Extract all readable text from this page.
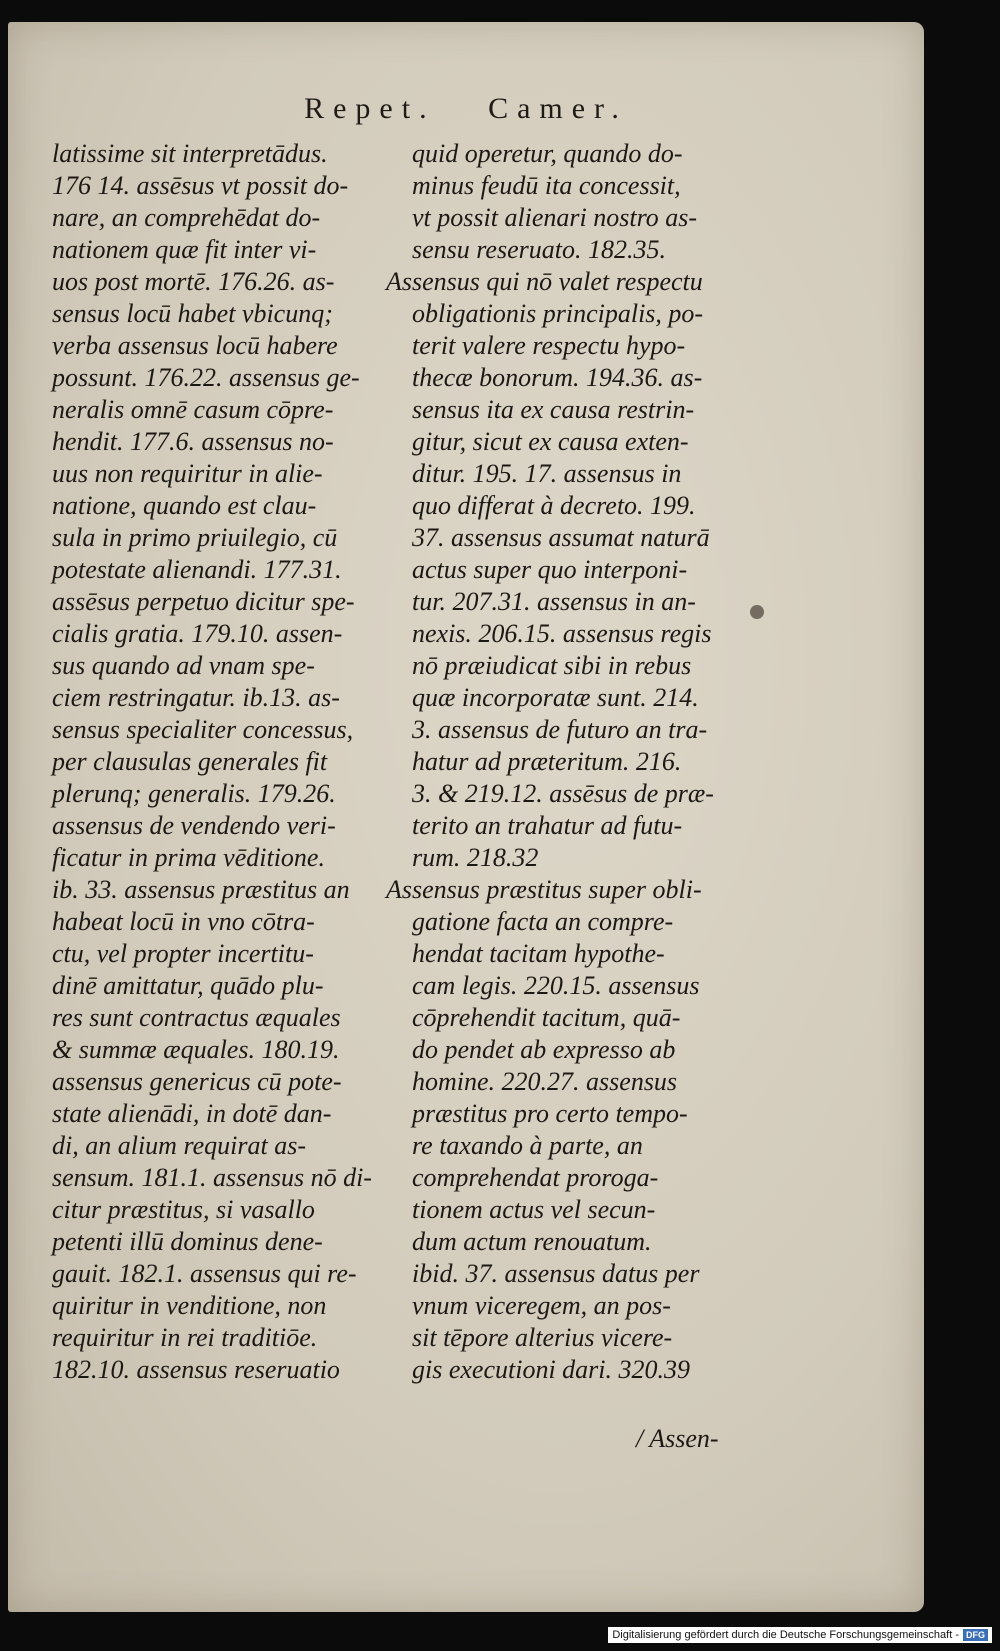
Repet. Camer.
latissime sit interpretādus.
176 14. assēsus vt possit do-
nare, an comprehēdat do-
nationem quæ fit inter vi-
uos post mortē. 176.26. as-
sensus locū habet vbicunq;
verba assensus locū habere
possunt. 176.22. assensus ge-
neralis omnē casum cōpre-
hendit. 177.6. assensus no-
uus non requiritur in alie-
natione, quando est clau-
sula in primo priuilegio, cū
potestate alienandi. 177.31.
assēsus perpetuo dicitur spe-
cialis gratia. 179.10. assen-
sus quando ad vnam spe-
ciem restringatur. ib.13. as-
sensus specialiter concessus,
per clausulas generales fit
plerunq; generalis. 179.26.
assensus de vendendo veri-
ficatur in prima vēditione.
ib. 33. assensus præstitus an
habeat locū in vno cōtra-
ctu, vel propter incertitu-
dinē amittatur, quādo plu-
res sunt contractus æquales
& summæ æquales. 180.19.
assensus genericus cū pote-
state alienādi, in dotē dan-
di, an alium requirat as-
sensum. 181.1. assensus nō di-
citur præstitus, si vasallo
petenti illū dominus dene-
gauit. 182.1. assensus qui re-
quiritur in venditione, non
requiritur in rei traditiōe.
182.10. assensus reseruatio
quid operetur, quando do-
minus feudū ita concessit,
vt possit alienari nostro as-
sensu reseruato. 182.35.
Assensus qui nō valet respectu
obligationis principalis, po-
terit valere respectu hypo-
thecæ bonorum. 194.36. as-
sensus ita ex causa restrin-
gitur, sicut ex causa exten-
ditur. 195. 17. assensus in
quo differat à decreto. 199.
37. assensus assumat naturā
actus super quo interponi-
tur. 207.31. assensus in an-
nexis. 206.15. assensus regis
nō præiudicat sibi in rebus
quæ incorporatæ sunt. 214.
3. assensus de futuro an tra-
hatur ad præteritum. 216.
3. & 219.12. assēsus de præ-
terito an trahatur ad futu-
rum. 218.32
Assensus præstitus super obli-
gatione facta an compre-
hendat tacitam hypothe-
cam legis. 220.15. assensus
cōprehendit tacitum, quā-
do pendet ab expresso ab
homine. 220.27. assensus
præstitus pro certo tempo-
re taxando à parte, an
comprehendat proroga-
tionem actus vel secun-
dum actum renouatum.
ibid. 37. assensus datus per
vnum viceregem, an pos-
sit tēpore alterius vicere-
gis executioni dari. 320.39
/ Assen-
Digitalisierung gefördert durch die Deutsche Forschungsgemeinschaft - DFG
